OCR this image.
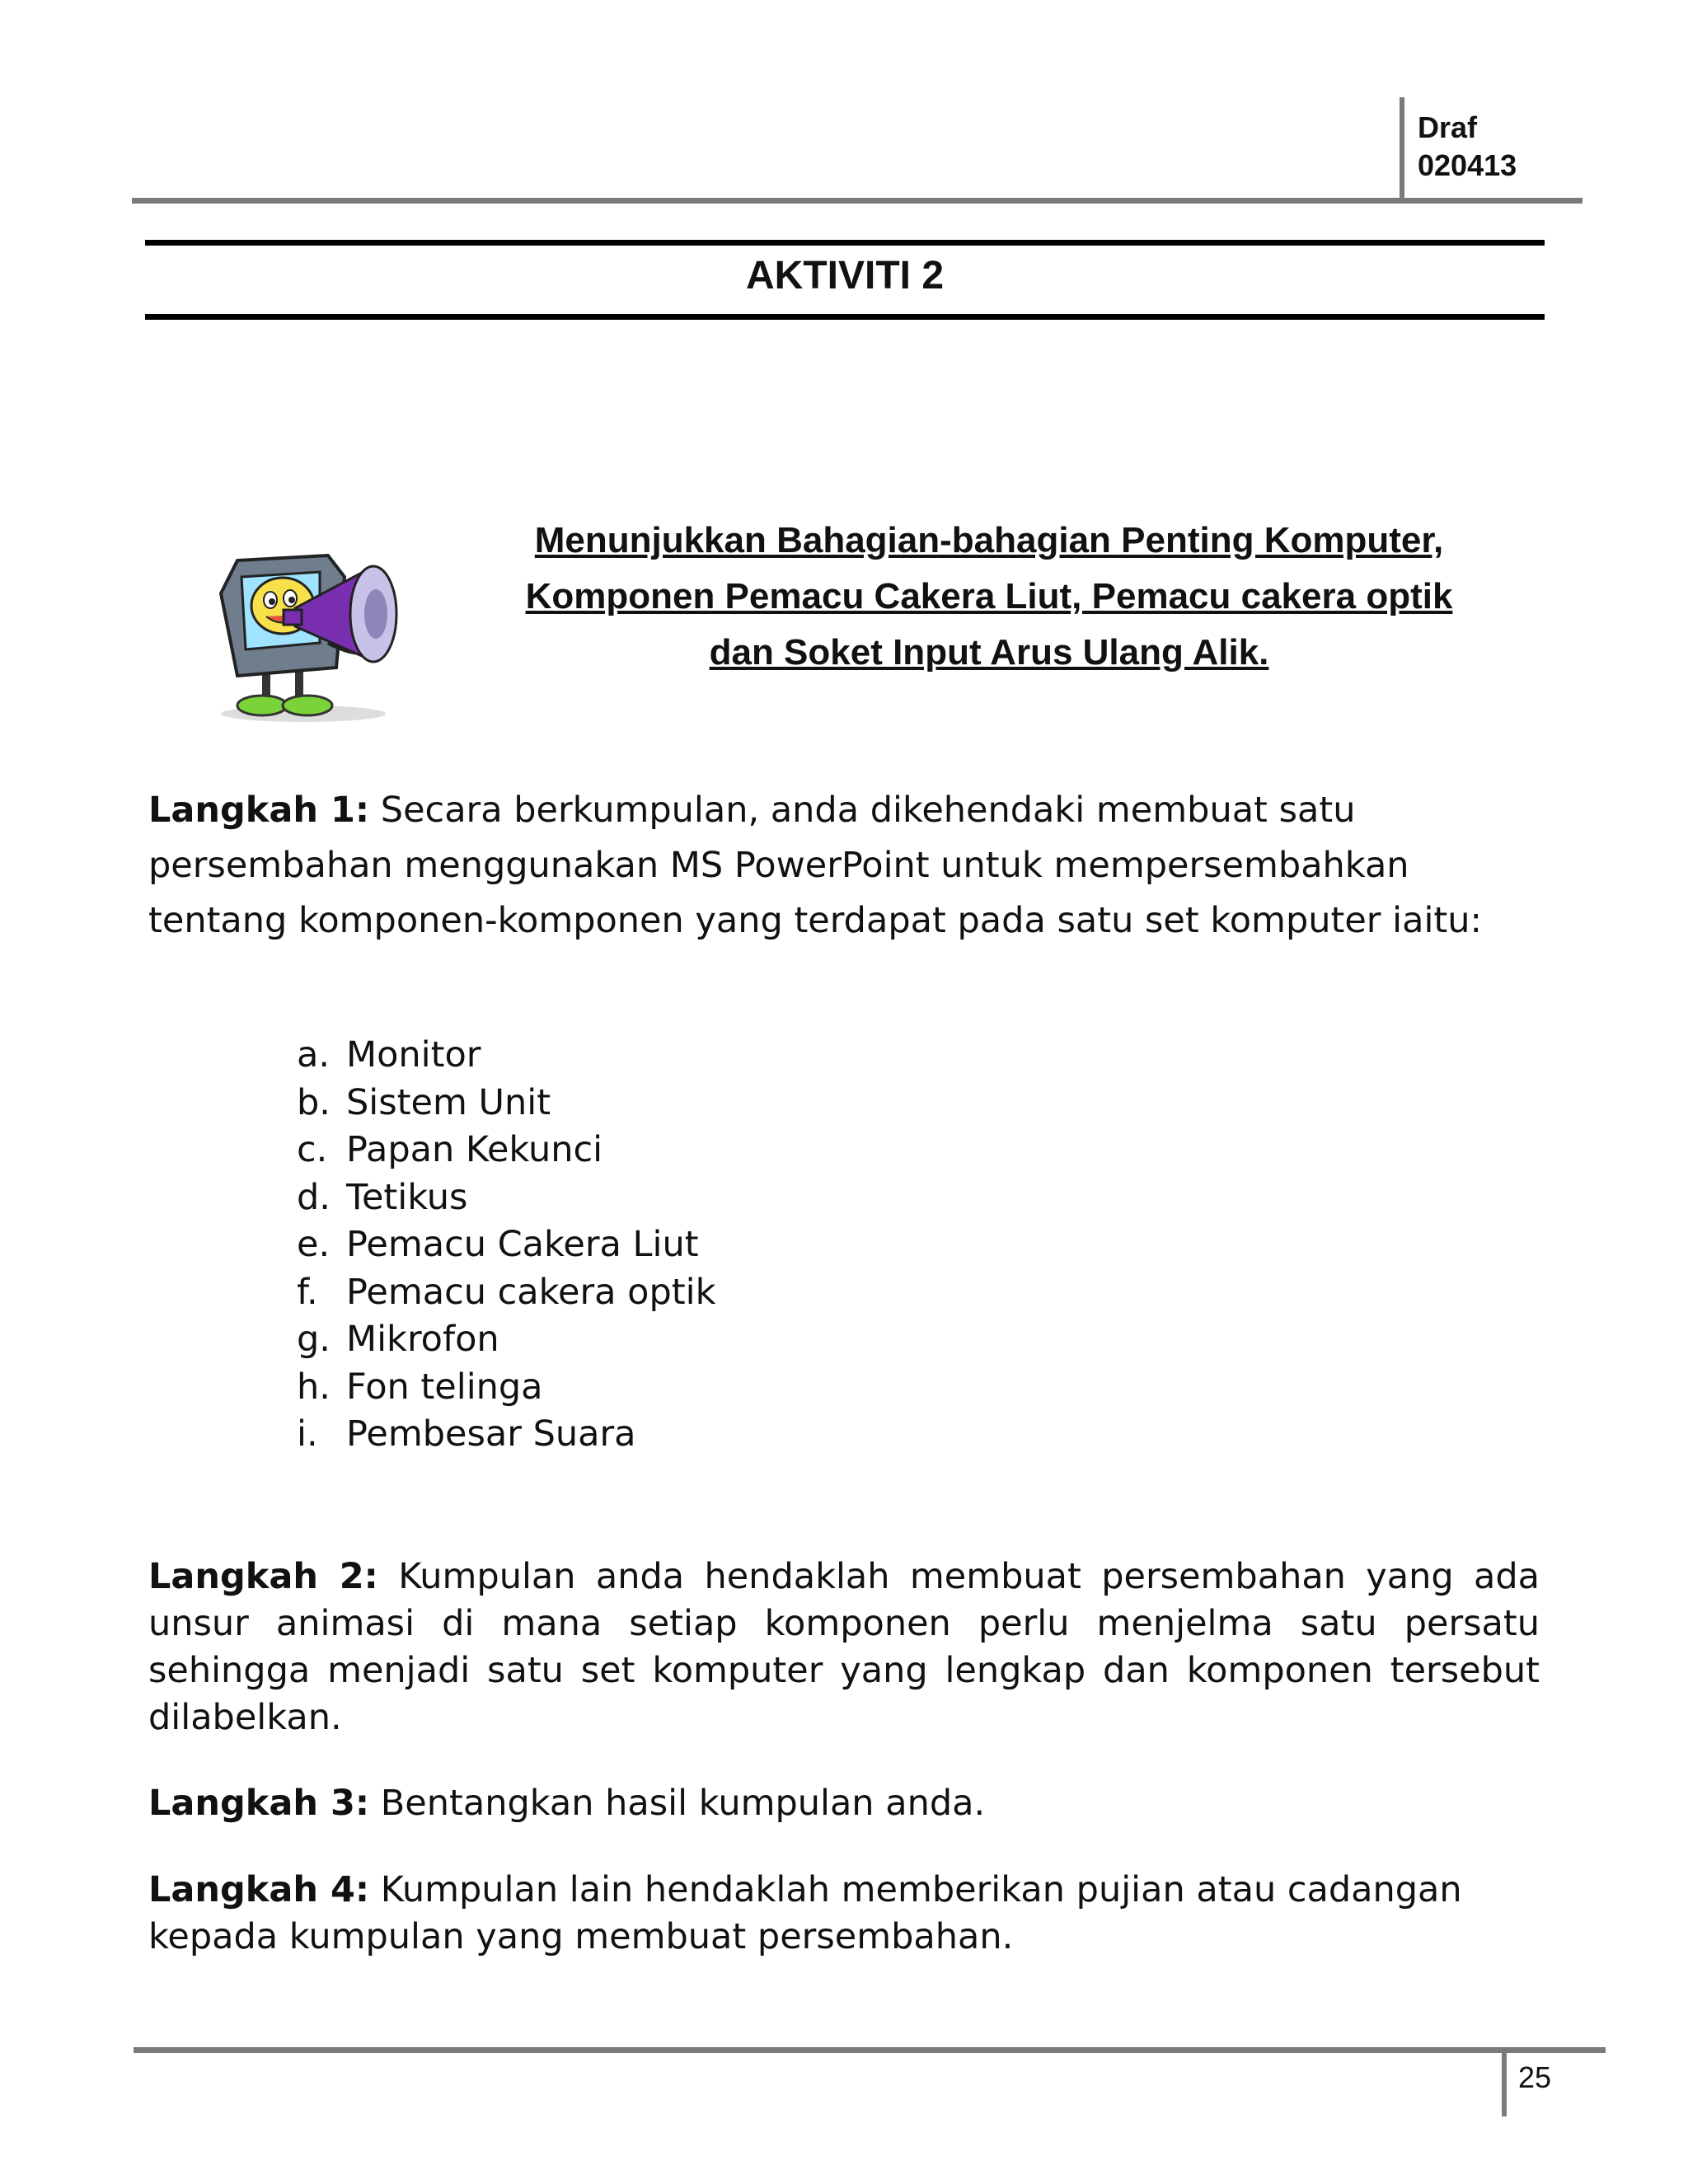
Draf
020413
AKTIVITI 2
Menunjukkan Bahagian-bahagian Penting Komputer,
Komponen Pemacu Cakera Liut, Pemacu cakera optik
dan Soket Input Arus Ulang Alik.
Langkah 1: Secara berkumpulan, anda dikehendaki membuat satu persembahan menggunakan MS PowerPoint untuk mempersembahkan tentang komponen-komponen yang terdapat pada satu set komputer iaitu:
a. Monitor
b. Sistem Unit
c. Papan Kekunci
d. Tetikus
e. Pemacu Cakera Liut
f. Pemacu cakera optik
g. Mikrofon
h. Fon telinga
i. Pembesar Suara
Langkah 2: Kumpulan anda hendaklah membuat persembahan yang ada unsur animasi di mana setiap komponen perlu menjelma satu persatu sehingga menjadi satu set komputer yang lengkap dan komponen tersebut dilabelkan.
Langkah 3: Bentangkan hasil kumpulan anda.
Langkah 4: Kumpulan lain hendaklah memberikan pujian atau cadangan kepada kumpulan yang membuat persembahan.
25
